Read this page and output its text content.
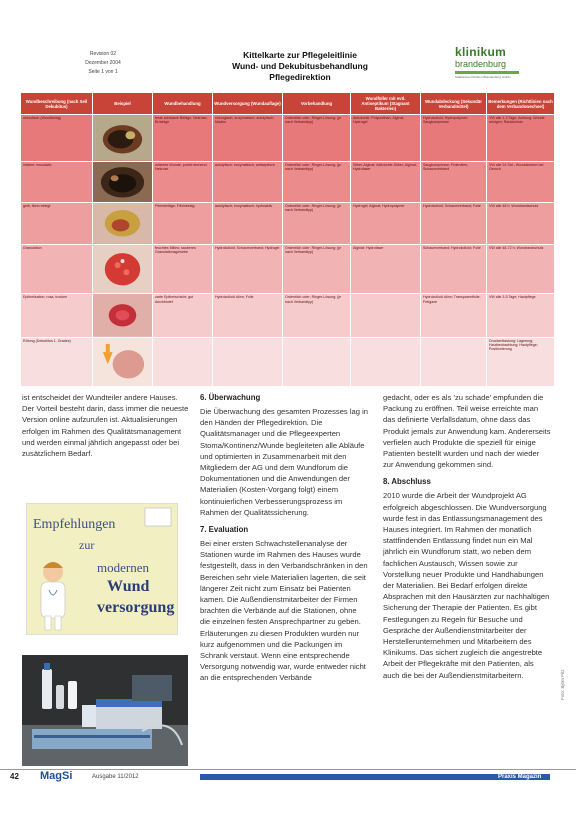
Revision 02
Dezember 2004
Seite 1 von 1
Kittelkarte zur Pflegeleitlinie
Wund- und Dekubitusbehandlung
Pflegedirektion
klinikum
brandenburg
Städtisches Klinikum Brandenburg GmbH
Wundbeschreibung (nach Seil Dekubitus)	Beispiel	Wundbehandlung	Wundversorgung (Wundauflage)	Vorbehandlung	Wundfüller mit evtl. Antiseptikum (Stagnant Bakterien)	Wundabdeckung (Sekundär Verbandmittel)	Bemerkungen (Richtlinien nach dem Verbandswechsel)
nekrotisch (Wundbelag)		feste schwarze Beläge; Nekrose; Brüchige	chirurgisch; enzymatisch; autolytisch; Maden	Ordentlich oder; Ringer-Lösung; (je nach Verbandtyp)	Aktivkohle; Polyurethan; Alginat; Hydrogel	Hydrokolloid; Hydropolymer; Saugkompresse	VW alle 1-3 Tage; Achtung: Wunde reinigen; Randschutz
infiziert, exsudativ		infizierte Wunde; putrid riechend; Nekrose	autolytisch; enzymatisch; antiseptisch	Ordentlich oder; Ringer-Lösung; (je nach Verbandtyp)	Silber-Alginat; Aktivkohle-Silber; Alginat; Hydrofaser	Saugkompresse; Fixiervlies; Schaumverband	VW alle 24 Std.; Wundabstrich bei Geruch
gelb, fibrin belegt		Fibrinbeläge; Fibrinbelag	autolytisch; enzymatisch; hydroaktiv	Ordentlich oder; Ringer-Lösung; (je nach Verbandtyp)	Hydrogel; Alginat; Hydropolymer	Hydrokolloid; Schaumverband; Folie	VW alle 48 h; Wundrandschutz
Granulation		feuchtes Milieu; sauberes Granulationsgewebe	Hydrokolloid; Schaumverband; Hydrogel	Ordentlich oder; Ringer-Lösung; (je nach Verbandtyp)	Alginat; Hydrofaser	Schaumverband; Hydrokolloid; Folie	VW alle 48-72 h; Wundrandschutz
Epithelisation; rosa, trocken		zarte Epithelschicht; gut durchblutet	Hydrokolloid dünn; Folie	Ordentlich oder; Ringer-Lösung; (je nach Verbandtyp)		Hydrokolloid dünn; Transparentfolie; Fettgaze	VW alle 3-5 Tage; Hautpflege
Rötung (Dekubitus 1. Grades)							Druckentlastung; Lagerung; Hautbeobachtung; Hautpflege; Positionierung

ist entscheidet der Wundteiler andere Hauses. Der Vorteil besteht darin, dass immer die neueste Version online aufzurufen ist. Aktualisierungen erfolgen im Rahmen des Qualitätsmanagement und werden einmal jährlich angepasst oder bei zusätzlichem Bedarf.

Empfehlungen
zur
modernen
Wund
versorgung
6. Überwachung

Die Überwachung des gesamten Prozesses lag in den Händen der Pflegedirektion. Die Qualitätsmanager und die Pflegeexperten Stoma/Kontinenz/Wunde begleiteten alle Abläufe und optimierten in Zusammenarbeit mit den Mitgliedern der AG und dem Wundforum die Dokumentationen und die Anwendungen der Materialien (Kosten-Vorgang folgt) einem kontinuierlichen Verbesserungsprozess im Rahmen der Qualitätssicherung.

7. Evaluation

Bei einer ersten Schwachstellenanalyse der Stationen wurde im Rahmen des Hauses wurde festgestellt, dass in den Verbandschränken in den Bereichen sehr viele Materialien lagerten, die seit längerer Zeit nicht zum Einsatz bei Patienten kamen. Die Außendienstmitarbeiter der Firmen brachten die Verbände auf die Stationen, ohne die einzelnen festen Ansprechpartner zu geben. Erläuterungen zu diesen Produkten wurden nur kurz aufgenommen und die Packungen im Schrank verstaut. Wenn eine entsprechende Versorgung notwendig war, wurde entweder nicht an die entsprechenden Verbände

gedacht, oder es als 'zu schade' empfunden die Packung zu eröffnen. Teil weise erreichte man das definierte Verfallsdatum, ohne dass das Produkt jemals zur Anwendung kam. Andererseits verfielen auch Produkte die speziell für einige Patienten bestellt wurden und nach der wieder zur Anwendung gekommen sind.

8. Abschluss

2010 wurde die Arbeit der Wundprojekt AG erfolgreich abgeschlossen. Die Wundversorgung wurde fest in das Entlassungsmanagement des Hauses integriert. Im Rahmen der monatlich stattfindenden Entlassung findet nun ein Mal jährlich ein Wundforum statt, wo neben dem fachlichen Austausch, Wissen sowie zur Vorstellung neuer Produkte und Handhabungen der Materialien. Bei Bedarf erfolgen direkte Absprachen mit den Hausärzten zur nachhaltigen Sicherung der Therapie der Patienten. Es gibt Festlegungen zu Regeln für Besuche und Gespräche der Außendienstmitarbeiter der Herstellerunternehmen und Mitarbeitern des Klinikums. Das sichert zugleich die angestrebte Arbeit der Pflegekräfte mit den Patienten, als auch die bei der Außendienstmitarbeitern.	Foto: Björn Fitz
42 MagSi	Ausgabe 11/2012	Praxis Magazin
